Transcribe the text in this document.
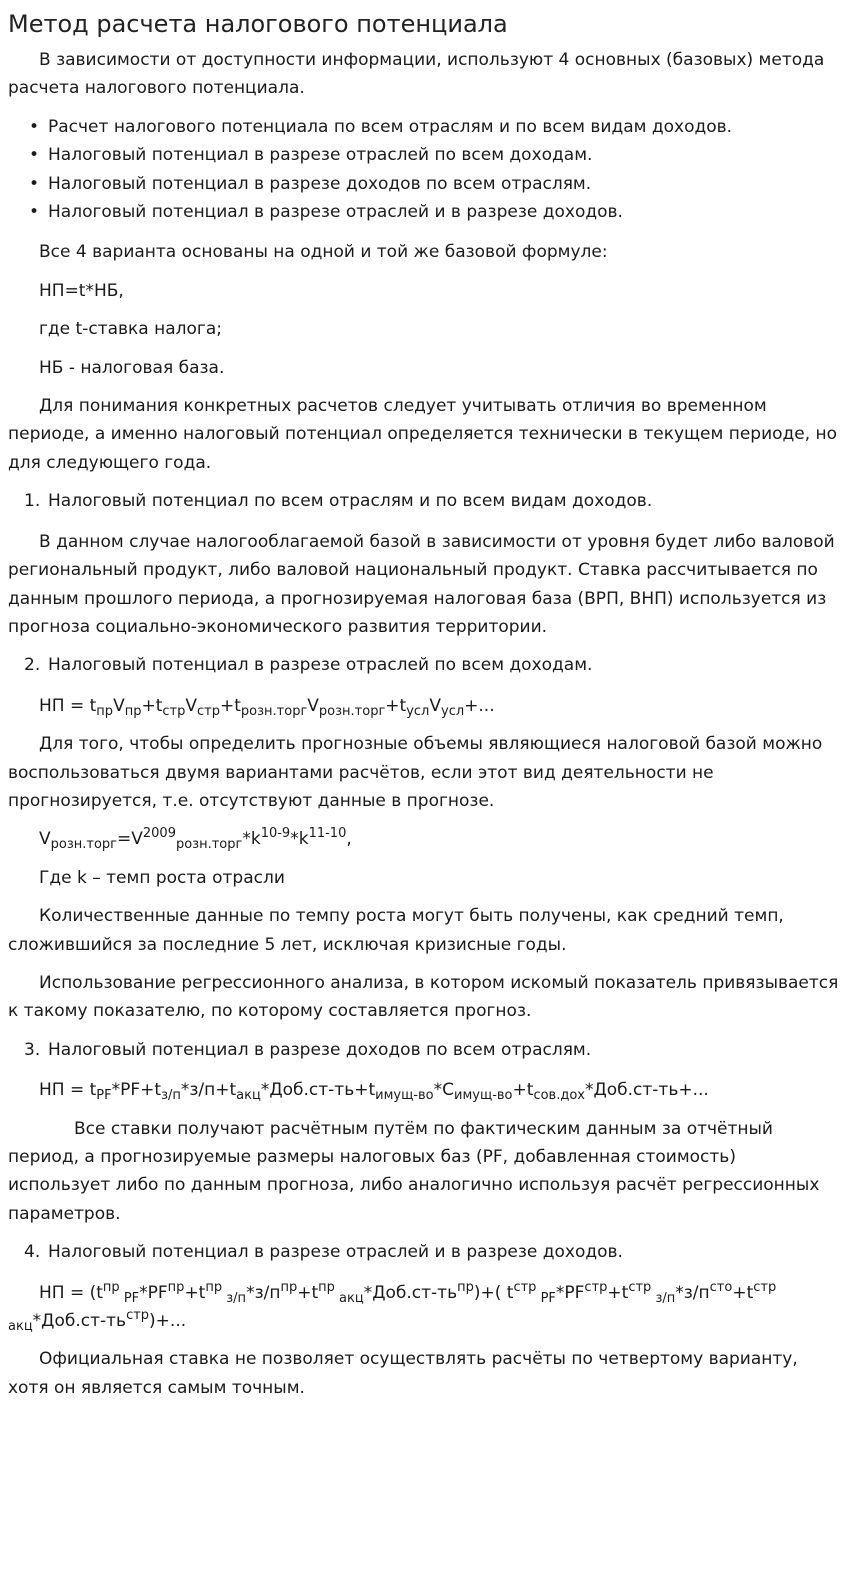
Метод расчета налогового потенциала

В зависимости от доступности информации, используют 4 основных (базовых) метода расчета налогового потенциала.

• Расчет налогового потенциала по всем отраслям и по всем видам доходов.
• Налоговый потенциал в разрезе отраслей по всем доходам.
• Налоговый потенциал в разрезе доходов по всем отраслям.
• Налоговый потенциал в разрезе отраслей и в разрезе доходов.

Все 4 варианта основаны на одной и той же базовой формуле:

НП=t*НБ,

где t-ставка налога;

НБ - налоговая база.

Для понимания конкретных расчетов следует учитывать отличия во временном периоде, а именно налоговый потенциал определяется технически в текущем периоде, но для следующего года.

1. Налоговый потенциал по всем отраслям и по всем видам доходов.

В данном случае налогооблагаемой базой в зависимости от уровня будет либо валовой региональный продукт, либо валовой национальный продукт. Ставка рассчитывается по данным прошлого периода, а прогнозируемая налоговая база (ВРП, ВНП) используется из прогноза социально-экономического развития территории.

2. Налоговый потенциал в разрезе отраслей по всем доходам.

НП = $t_{пр}V_{пр}+t_{стр}V_{стр}+t_{розн.торг}V_{розн.торг}+t_{усл}V_{усл}+$...

Для того, чтобы определить прогнозные объемы являющиеся налоговой базой можно воспользоваться двумя вариантами расчётов, если этот вид деятельности не прогнозируется, т.е. отсутствуют данные в прогнозе.

$V_{розн.торг}=V^{2009}_{розн.торг}*k^{10-9}*k^{11-10}$,

Где k – темп роста отрасли

Количественные данные по темпу роста могут быть получены, как средний темп, сложившийся за последние 5 лет, исключая кризисные годы.

Использование регрессионного анализа, в котором искомый показатель привязывается к такому показателю, по которому составляется прогноз.

3. Налоговый потенциал в разрезе доходов по всем отраслям.

НП = $t_{PF}*PF+t_{з/п}*з/п+t_{акц}*Доб.ст-ть+t_{имущ-во}*C_{имущ-во}+t_{сов.дох}*Доб.ст-ть+$...

Все ставки получают расчётным путём по фактическим данным за отчётный период, а прогнозируемые размеры налоговых баз (PF, добавленная стоимость) использует либо по данным прогноза, либо аналогично используя расчёт регрессионных параметров.

4. Налоговый потенциал в разрезе отраслей и в разрезе доходов.

НП = ($t^{пр}$ $_{PF}*PF^{пр}+t^{пр}$ $_{з/п}*з/п^{пр}+t^{пр}$ $_{акц}*Доб.ст-ть^{пр})+$( $t^{стр}$ $_{PF}*PF^{стр}+t^{стр}$ $_{з/п}*з/п^{сто}+t^{стр}$
$_{акц}*Доб.ст-ть^{стр})+$...

Официальная ставка не позволяет осуществлять расчёты по четвертому варианту, хотя он является самым точным.
